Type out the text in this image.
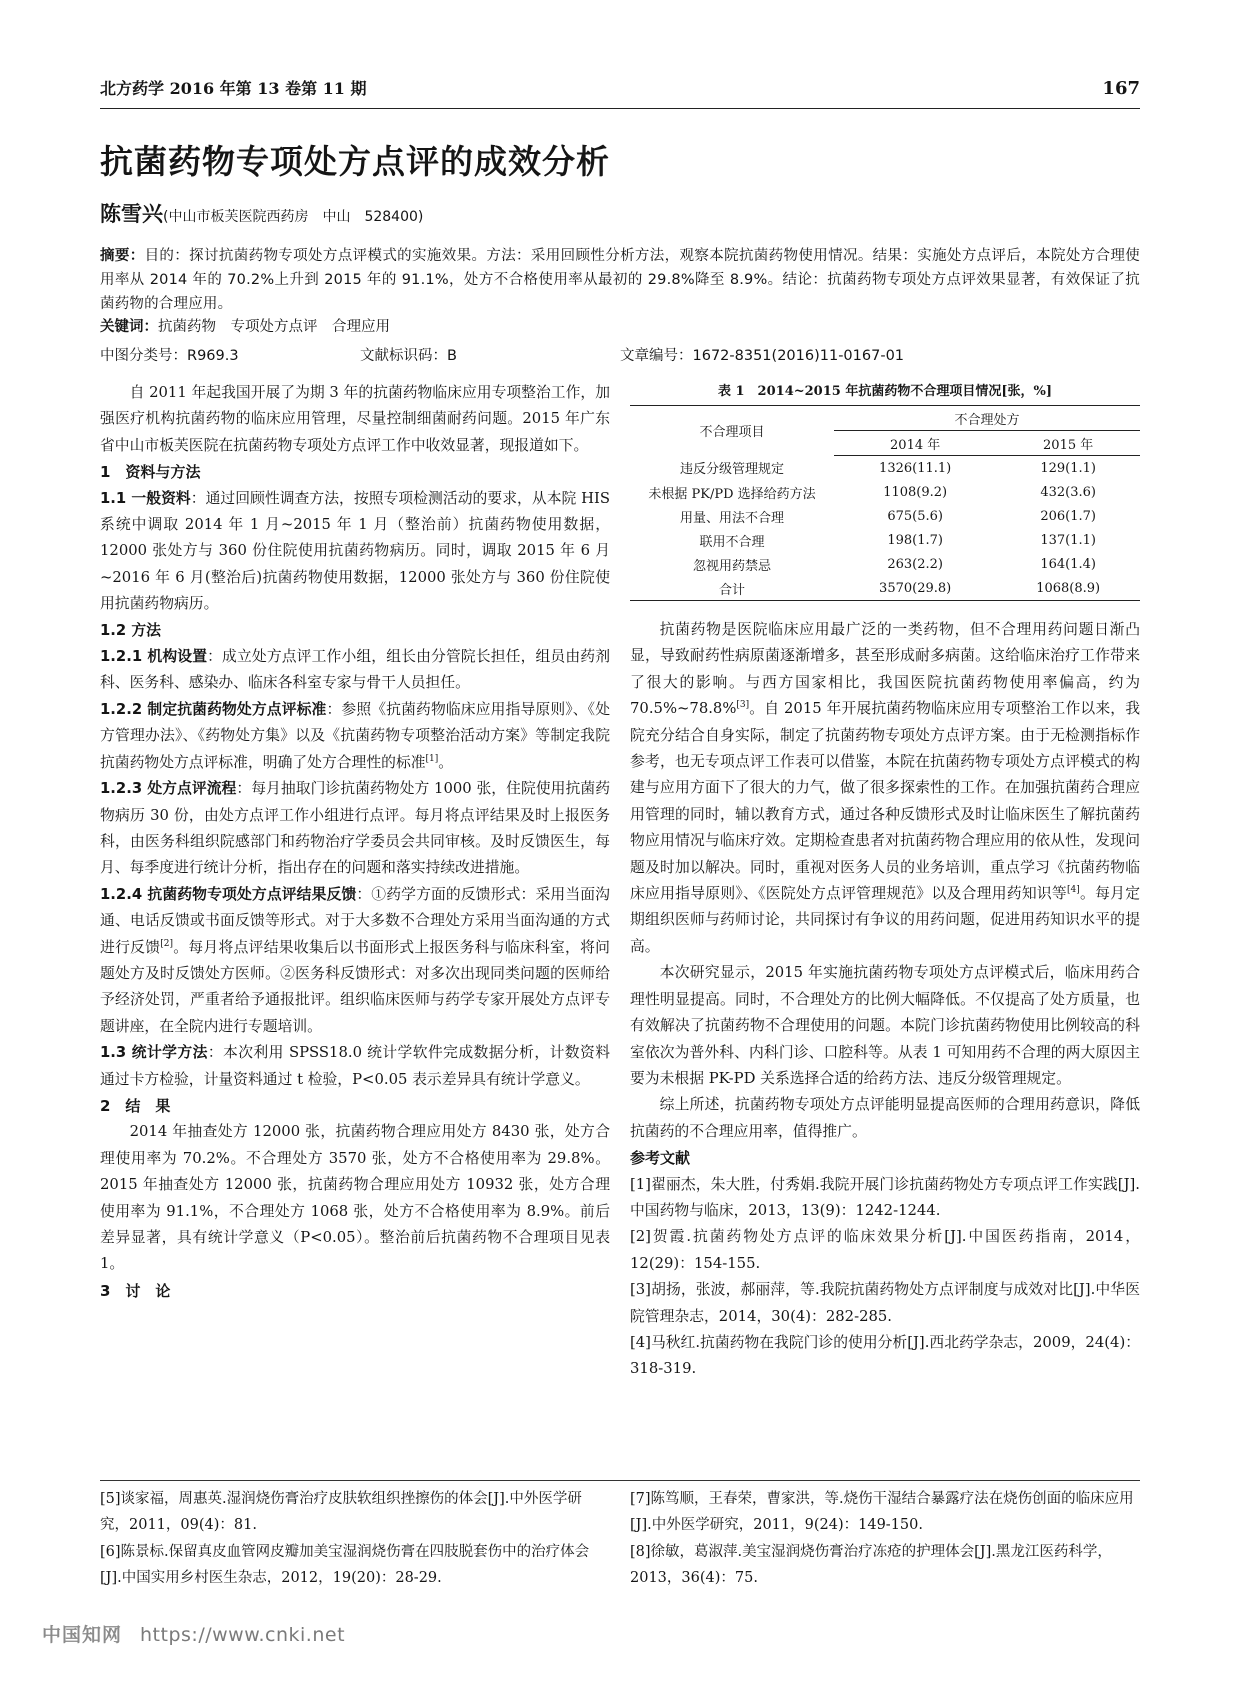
北方药学 2016 年第 13 卷第 11 期	167
抗菌药物专项处方点评的成效分析
陈雪兴(中山市板芙医院西药房　中山　528400)
摘要：目的：探讨抗菌药物专项处方点评模式的实施效果。方法：采用回顾性分析方法，观察本院抗菌药物使用情况。结果：实施处方点评后，本院处方合理使用率从 2014 年的 70.2%上升到 2015 年的 91.1%，处方不合格使用率从最初的 29.8%降至 8.9%。结论：抗菌药物专项处方点评效果显著，有效保证了抗菌药物的合理应用。
关键词：抗菌药物　专项处方点评　合理应用
中图分类号：R969.3	文献标识码：B	文章编号：1672-8351(2016)11-0167-01

自 2011 年起我国开展了为期 3 年的抗菌药物临床应用专项整治工作，加强医疗机构抗菌药物的临床应用管理，尽量控制细菌耐药问题。2015 年广东省中山市板芙医院在抗菌药物专项处方点评工作中收效显著，现报道如下。

1　资料与方法

1.1 一般资料：通过回顾性调查方法，按照专项检测活动的要求，从本院 HIS 系统中调取 2014 年 1 月~2015 年 1 月（整治前）抗菌药物使用数据，12000 张处方与 360 份住院使用抗菌药物病历。同时，调取 2015 年 6 月~2016 年 6 月(整治后)抗菌药物使用数据，12000 张处方与 360 份住院使用抗菌药物病历。

1.2 方法

1.2.1 机构设置：成立处方点评工作小组，组长由分管院长担任，组员由药剂科、医务科、感染办、临床各科室专家与骨干人员担任。

1.2.2 制定抗菌药物处方点评标准：参照《抗菌药物临床应用指导原则》、《处方管理办法》、《药物处方集》以及《抗菌药物专项整治活动方案》等制定我院抗菌药物处方点评标准，明确了处方合理性的标准[1]。

1.2.3 处方点评流程：每月抽取门诊抗菌药物处方 1000 张，住院使用抗菌药物病历 30 份，由处方点评工作小组进行点评。每月将点评结果及时上报医务科，由医务科组织院感部门和药物治疗学委员会共同审核。及时反馈医生，每月、每季度进行统计分析，指出存在的问题和落实持续改进措施。

1.2.4 抗菌药物专项处方点评结果反馈：①药学方面的反馈形式：采用当面沟通、电话反馈或书面反馈等形式。对于大多数不合理处方采用当面沟通的方式进行反馈[2]。每月将点评结果收集后以书面形式上报医务科与临床科室，将问题处方及时反馈处方医师。②医务科反馈形式：对多次出现同类问题的医师给予经济处罚，严重者给予通报批评。组织临床医师与药学专家开展处方点评专题讲座，在全院内进行专题培训。

1.3 统计学方法：本次利用 SPSS18.0 统计学软件完成数据分析，计数资料通过卡方检验，计量资料通过 t 检验，P<0.05 表示差异具有统计学意义。

2　结　果

2014 年抽查处方 12000 张，抗菌药物合理应用处方 8430 张，处方合理使用率为 70.2%。不合理处方 3570 张，处方不合格使用率为 29.8%。2015 年抽查处方 12000 张，抗菌药物合理应用处方 10932 张，处方合理使用率为 91.1%，不合理处方 1068 张，处方不合格使用率为 8.9%。前后差异显著，具有统计学意义（P<0.05）。整治前后抗菌药物不合理项目见表 1。

3　讨　论

表 1　2014~2015 年抗菌药物不合理项目情况[张，%]
不合理项目	不合理处方	
	2014 年	2015 年
违反分级管理规定	1326(11.1)	129(1.1)
未根据 PK/PD 选择给药方法	1108(9.2)	432(3.6)
用量、用法不合理	675(5.6)	206(1.7)
联用不合理	198(1.7)	137(1.1)
忽视用药禁忌	263(2.2)	164(1.4)
合计	3570(29.8)	1068(8.9)

抗菌药物是医院临床应用最广泛的一类药物，但不合理用药问题日渐凸显，导致耐药性病原菌逐渐增多，甚至形成耐多病菌。这给临床治疗工作带来了很大的影响。与西方国家相比，我国医院抗菌药物使用率偏高，约为 70.5%~78.8%[3]。自 2015 年开展抗菌药物临床应用专项整治工作以来，我院充分结合自身实际，制定了抗菌药物专项处方点评方案。由于无检测指标作参考，也无专项点评工作表可以借鉴，本院在抗菌药物专项处方点评模式的构建与应用方面下了很大的力气，做了很多探索性的工作。在加强抗菌药合理应用管理的同时，辅以教育方式，通过各种反馈形式及时让临床医生了解抗菌药物应用情况与临床疗效。定期检查患者对抗菌药物合理应用的依从性，发现问题及时加以解决。同时，重视对医务人员的业务培训，重点学习《抗菌药物临床应用指导原则》、《医院处方点评管理规范》以及合理用药知识等[4]。每月定期组织医师与药师讨论，共同探讨有争议的用药问题，促进用药知识水平的提高。

本次研究显示，2015 年实施抗菌药物专项处方点评模式后，临床用药合理性明显提高。同时，不合理处方的比例大幅降低。不仅提高了处方质量，也有效解决了抗菌药物不合理使用的问题。本院门诊抗菌药物使用比例较高的科室依次为普外科、内科门诊、口腔科等。从表 1 可知用药不合理的两大原因主要为未根据 PK-PD 关系选择合适的给药方法、违反分级管理规定。

综上所述，抗菌药物专项处方点评能明显提高医师的合理用药意识，降低抗菌药的不合理应用率，值得推广。

参考文献

[1]翟丽杰，朱大胜，付秀娟.我院开展门诊抗菌药物处方专项点评工作实践[J].中国药物与临床，2013，13(9)：1242-1244.

[2]贺霞.抗菌药物处方点评的临床效果分析[J].中国医药指南，2014，12(29)：154-155.

[3]胡扬，张波，郝丽萍，等.我院抗菌药物处方点评制度与成效对比[J].中华医院管理杂志，2014，30(4)：282-285.

[4]马秋红.抗菌药物在我院门诊的使用分析[J].西北药学杂志，2009，24(4)：318-319.

[5]谈家福，周惠英.湿润烧伤膏治疗皮肤软组织挫擦伤的体会[J].中外医学研究，2011，09(4)：81.

[6]陈景标.保留真皮血管网皮瓣加美宝湿润烧伤膏在四肢脱套伤中的治疗体会[J].中国实用乡村医生杂志，2012，19(20)：28-29.

[7]陈笃顺，王春荣，曹家洪，等.烧伤干湿结合暴露疗法在烧伤创面的临床应用[J].中外医学研究，2011，9(24)：149-150.

[8]徐敏，葛淑萍.美宝湿润烧伤膏治疗冻疮的护理体会[J].黑龙江医药科学，2013，36(4)：75.

中国知网 https://www.cnki.net
